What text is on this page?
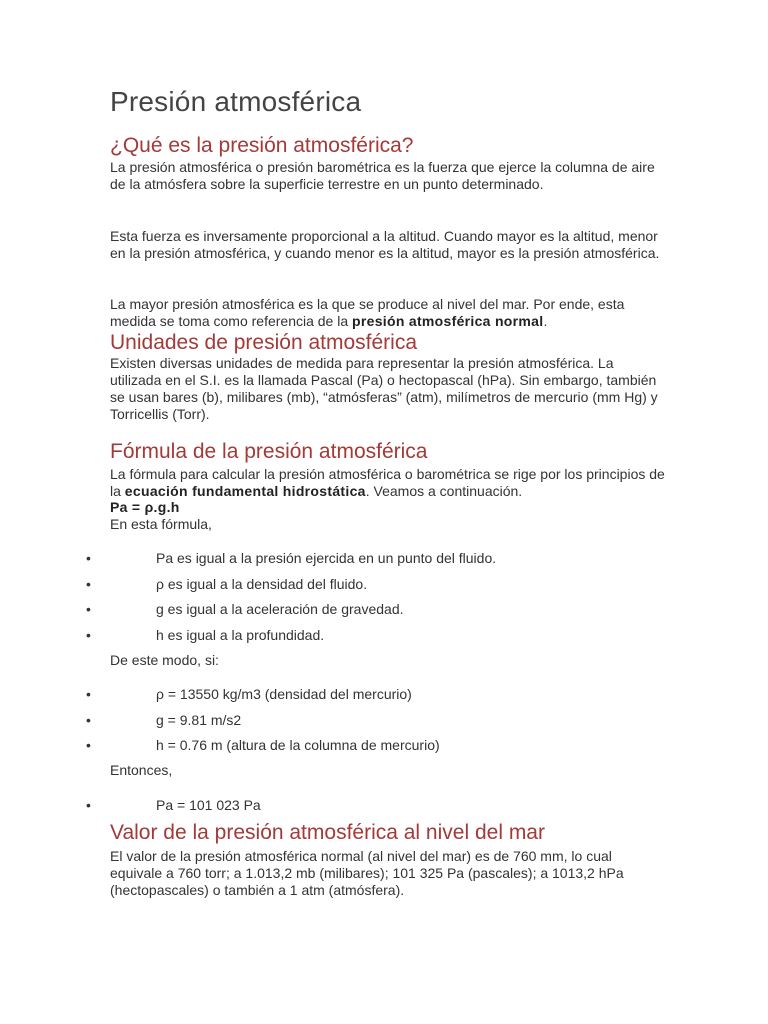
Presión atmosférica
¿Qué es la presión atmosférica?

La presión atmosférica o presión barométrica es la fuerza que ejerce la columna de aire de la atmósfera sobre la superficie terrestre en un punto determinado.

Esta fuerza es inversamente proporcional a la altitud. Cuando mayor es la altitud, menor en la presión atmosférica, y cuando menor es la altitud, mayor es la presión atmosférica.

La mayor presión atmosférica es la que se produce al nivel del mar. Por ende, esta medida se toma como referencia de la presión atmosférica normal.

Unidades de presión atmosférica

Existen diversas unidades de medida para representar la presión atmosférica. La utilizada en el S.I. es la llamada Pascal (Pa) o hectopascal (hPa). Sin embargo, también se usan bares (b), milibares (mb), “atmósferas” (atm), milímetros de mercurio (mm Hg) y Torricellis (Torr).

Fórmula de la presión atmosférica

La fórmula para calcular la presión atmosférica o barométrica se rige por los principios de la ecuación fundamental hidrostática. Veamos a continuación.

Pa = ρ.g.h

En esta fórmula,

•	Pa es igual a la presión ejercida en un punto del fluido.
•	ρ es igual a la densidad del fluido.
•	g es igual a la aceleración de gravedad.
•	h es igual a la profundidad.

De este modo, si:

•	ρ = 13550 kg/m3 (densidad del mercurio)
•	g = 9.81 m/s2
•	h = 0.76 m (altura de la columna de mercurio)

Entonces,

•	Pa = 101 023 Pa
Valor de la presión atmosférica al nivel del mar

El valor de la presión atmosférica normal (al nivel del mar) es de 760 mm, lo cual equivale a 760 torr; a 1.013,2 mb (milibares); 101 325 Pa (pascales); a 1013,2 hPa (hectopascales) o también a 1 atm (atmósfera).
